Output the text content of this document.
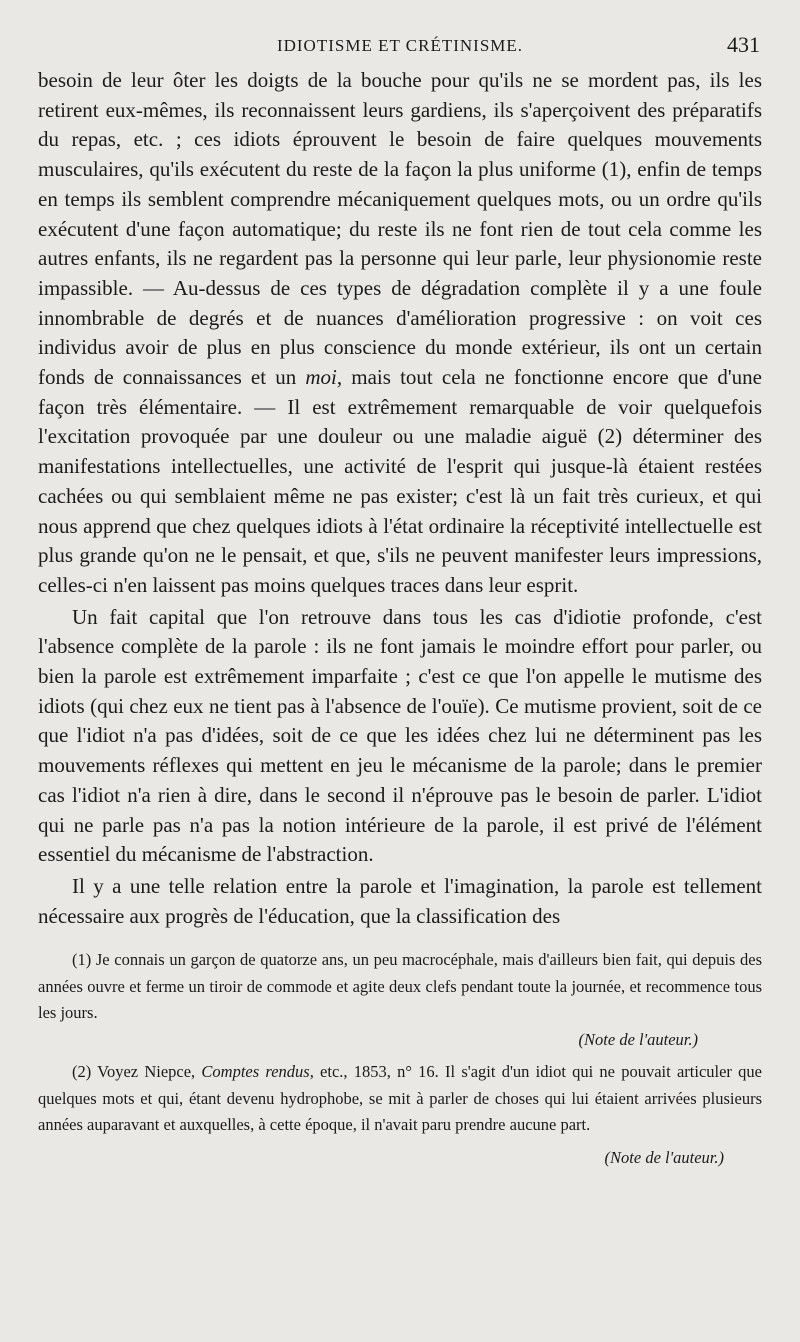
IDIOTISME ET CRÉTINISME.	431

besoin de leur ôter les doigts de la bouche pour qu'ils ne se mordent pas, ils les retirent eux-mêmes, ils reconnaissent leurs gardiens, ils s'aperçoivent des préparatifs du repas, etc. ; ces idiots éprouvent le besoin de faire quelques mouvements musculaires, qu'ils exécutent du reste de la façon la plus uniforme (1), enfin de temps en temps ils semblent comprendre mécaniquement quelques mots, ou un ordre qu'ils exécutent d'une façon automatique; du reste ils ne font rien de tout cela comme les autres enfants, ils ne regardent pas la personne qui leur parle, leur physionomie reste impassible. — Au-dessus de ces types de dégradation complète il y a une foule innombrable de degrés et de nuances d'amélioration progressive : on voit ces individus avoir de plus en plus conscience du monde extérieur, ils ont un certain fonds de connaissances et un moi, mais tout cela ne fonctionne encore que d'une façon très élémentaire. — Il est extrêmement remarquable de voir quelquefois l'excitation provoquée par une douleur ou une maladie aiguë (2) déterminer des manifestations intellectuelles, une activité de l'esprit qui jusque-là étaient restées cachées ou qui semblaient même ne pas exister; c'est là un fait très curieux, et qui nous apprend que chez quelques idiots à l'état ordinaire la réceptivité intellectuelle est plus grande qu'on ne le pensait, et que, s'ils ne peuvent manifester leurs impressions, celles-ci n'en laissent pas moins quelques traces dans leur esprit.

Un fait capital que l'on retrouve dans tous les cas d'idiotie profonde, c'est l'absence complète de la parole : ils ne font jamais le moindre effort pour parler, ou bien la parole est extrêmement imparfaite ; c'est ce que l'on appelle le mutisme des idiots (qui chez eux ne tient pas à l'absence de l'ouïe). Ce mutisme provient, soit de ce que l'idiot n'a pas d'idées, soit de ce que les idées chez lui ne déterminent pas les mouvements réflexes qui mettent en jeu le mécanisme de la parole; dans le premier cas l'idiot n'a rien à dire, dans le second il n'éprouve pas le besoin de parler. L'idiot qui ne parle pas n'a pas la notion intérieure de la parole, il est privé de l'élément essentiel du mécanisme de l'abstraction.

Il y a une telle relation entre la parole et l'imagination, la parole est tellement nécessaire aux progrès de l'éducation, que la classification des

(1) Je connais un garçon de quatorze ans, un peu macrocéphale, mais d'ailleurs bien fait, qui depuis des années ouvre et ferme un tiroir de commode et agite deux clefs pendant toute la journée, et recommence tous les jours.

(Note de l'auteur.)

(2) Voyez Niepce, Comptes rendus, etc., 1853, n° 16. Il s'agit d'un idiot qui ne pouvait articuler que quelques mots et qui, étant devenu hydrophobe, se mit à parler de choses qui lui étaient arrivées plusieurs années auparavant et auxquelles, à cette époque, il n'avait paru prendre aucune part.

(Note de l'auteur.)
